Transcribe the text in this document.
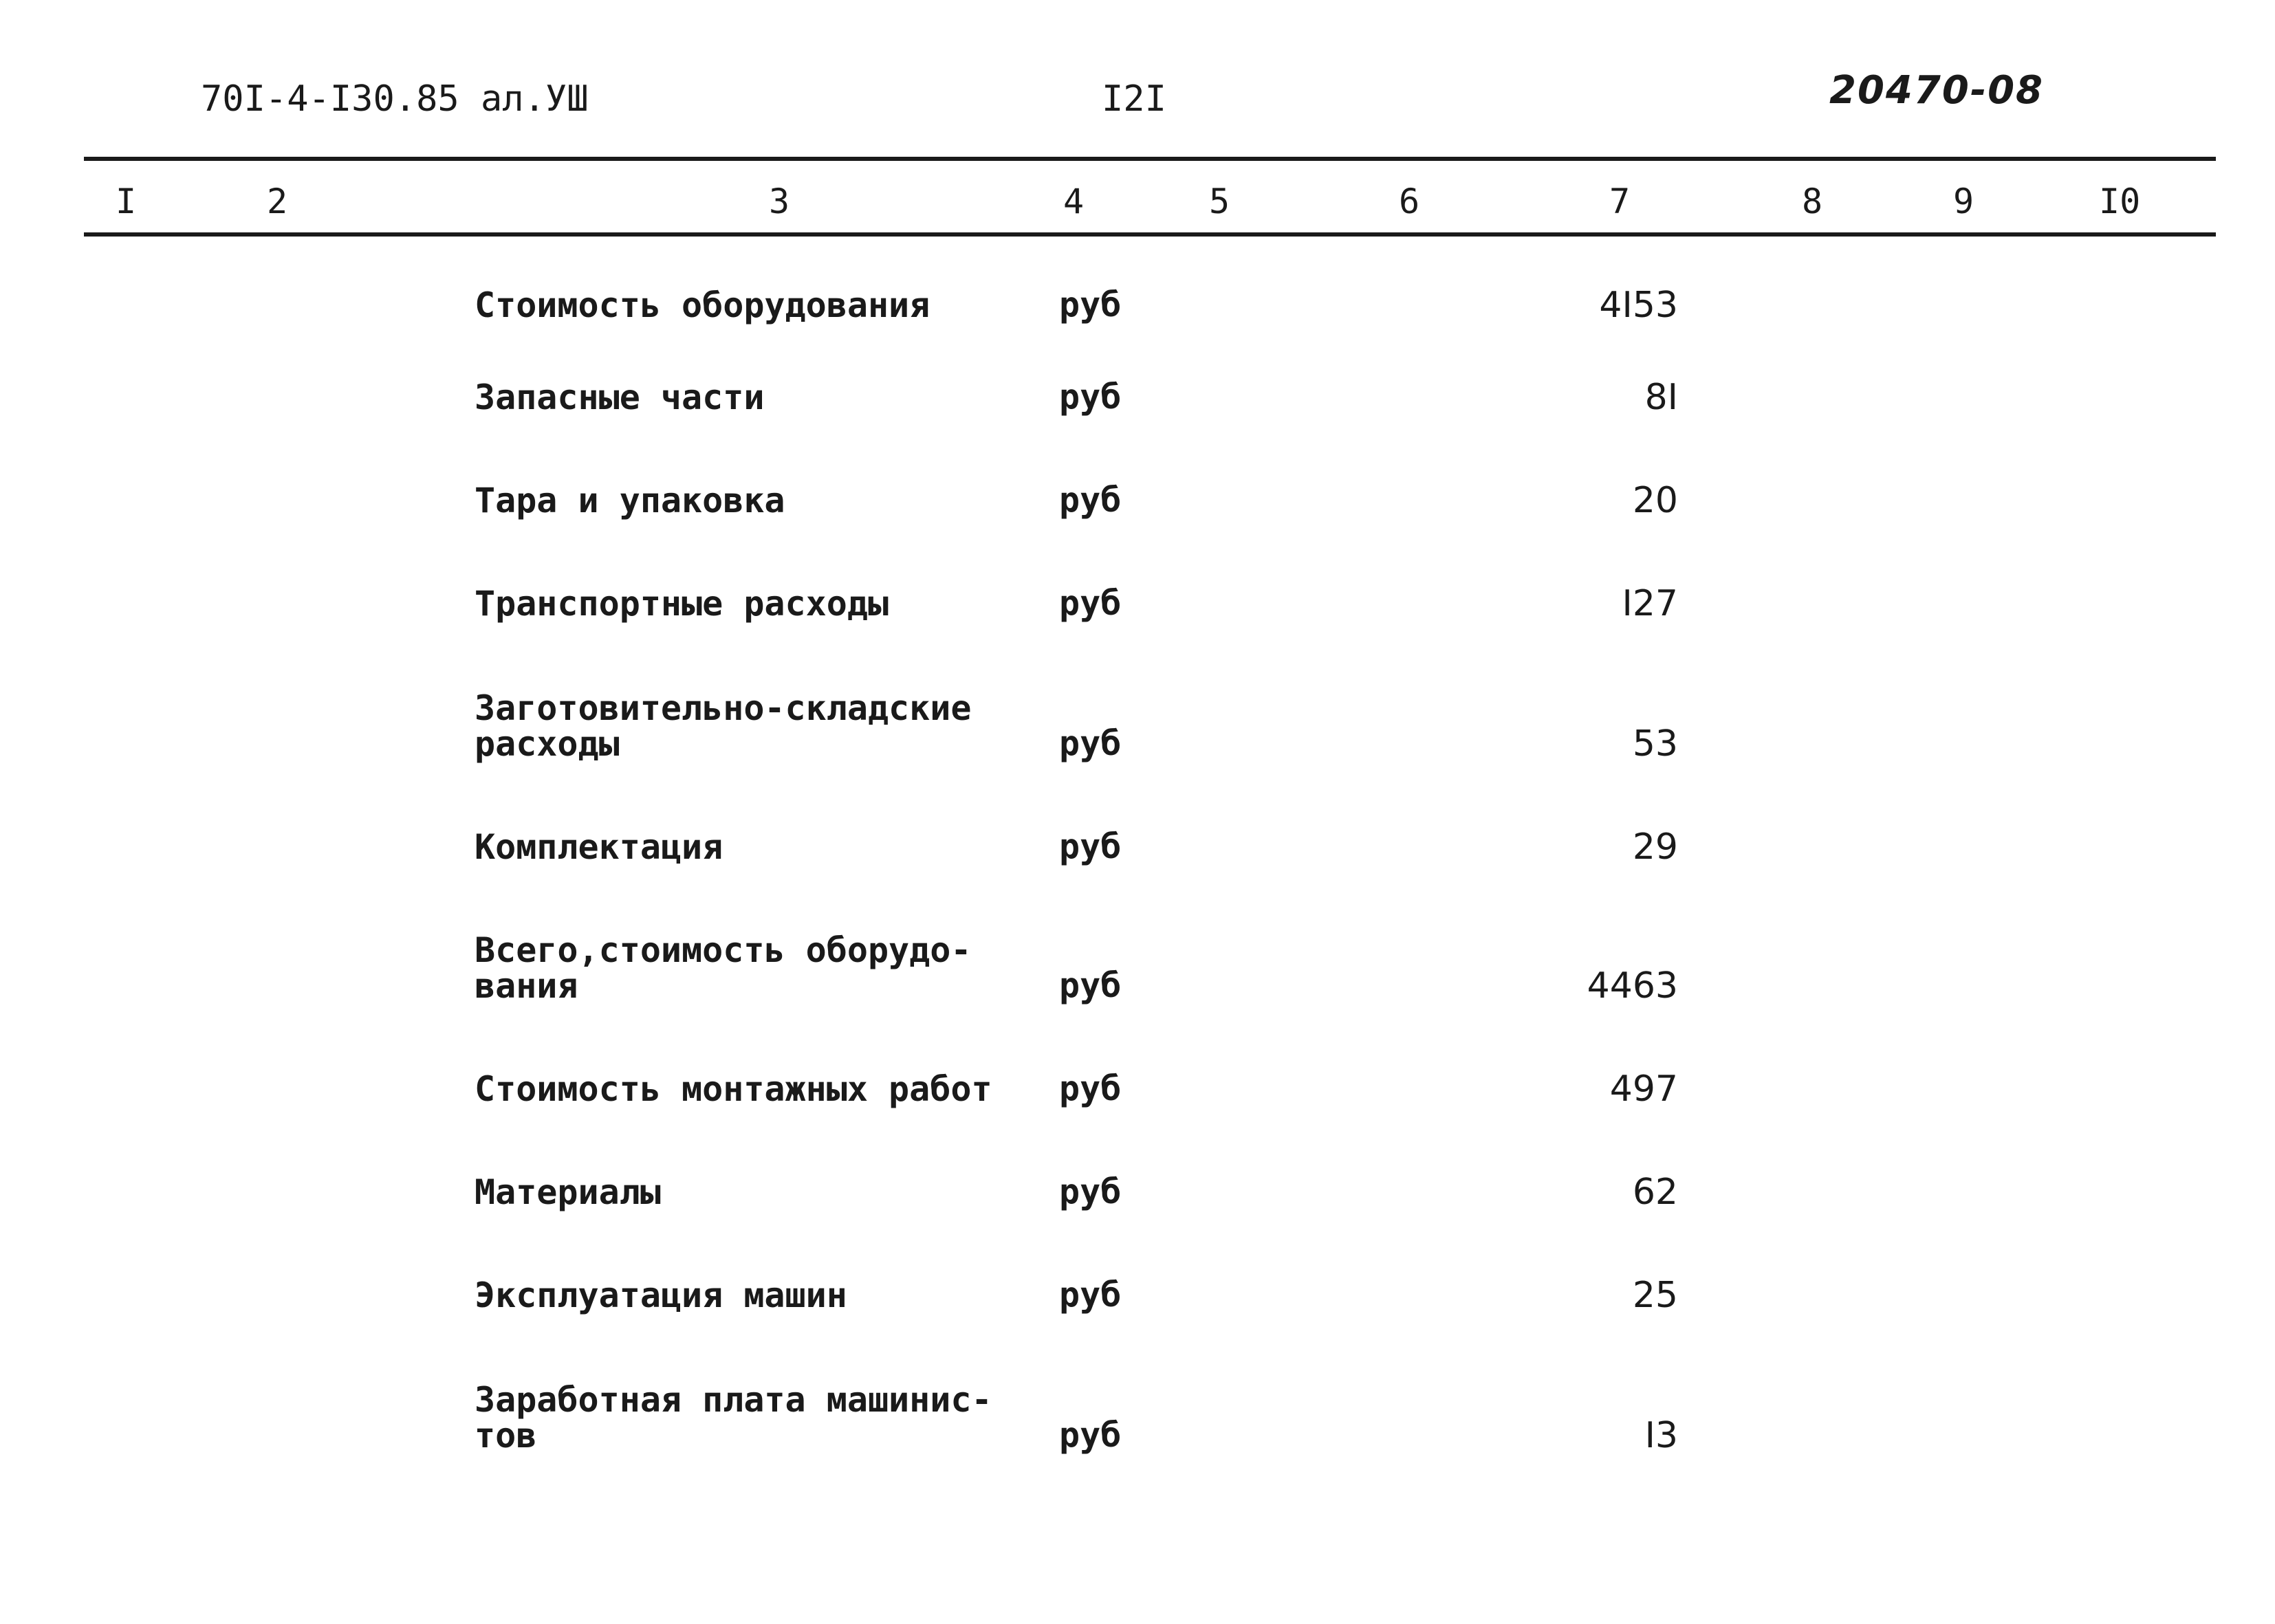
70I-4-I30.85 ал.УШ	I2I	20470-08
I	2	3	4	5	6	7	8	9	I0
Стоимость оборудования	руб	4I53
Запасные части	руб	8I
Тара и упаковка	руб	20
Транспортные расходы	руб	I27
Заготовительно-складские
расходы	руб	53
Комплектация	руб	29
Всего,стоимость оборудо-
вания	руб	4463
Стоимость монтажных работ	руб	497
Материалы	руб	62
Эксплуатация машин	руб	25
Заработная плата машинис-
тов	руб	I3
